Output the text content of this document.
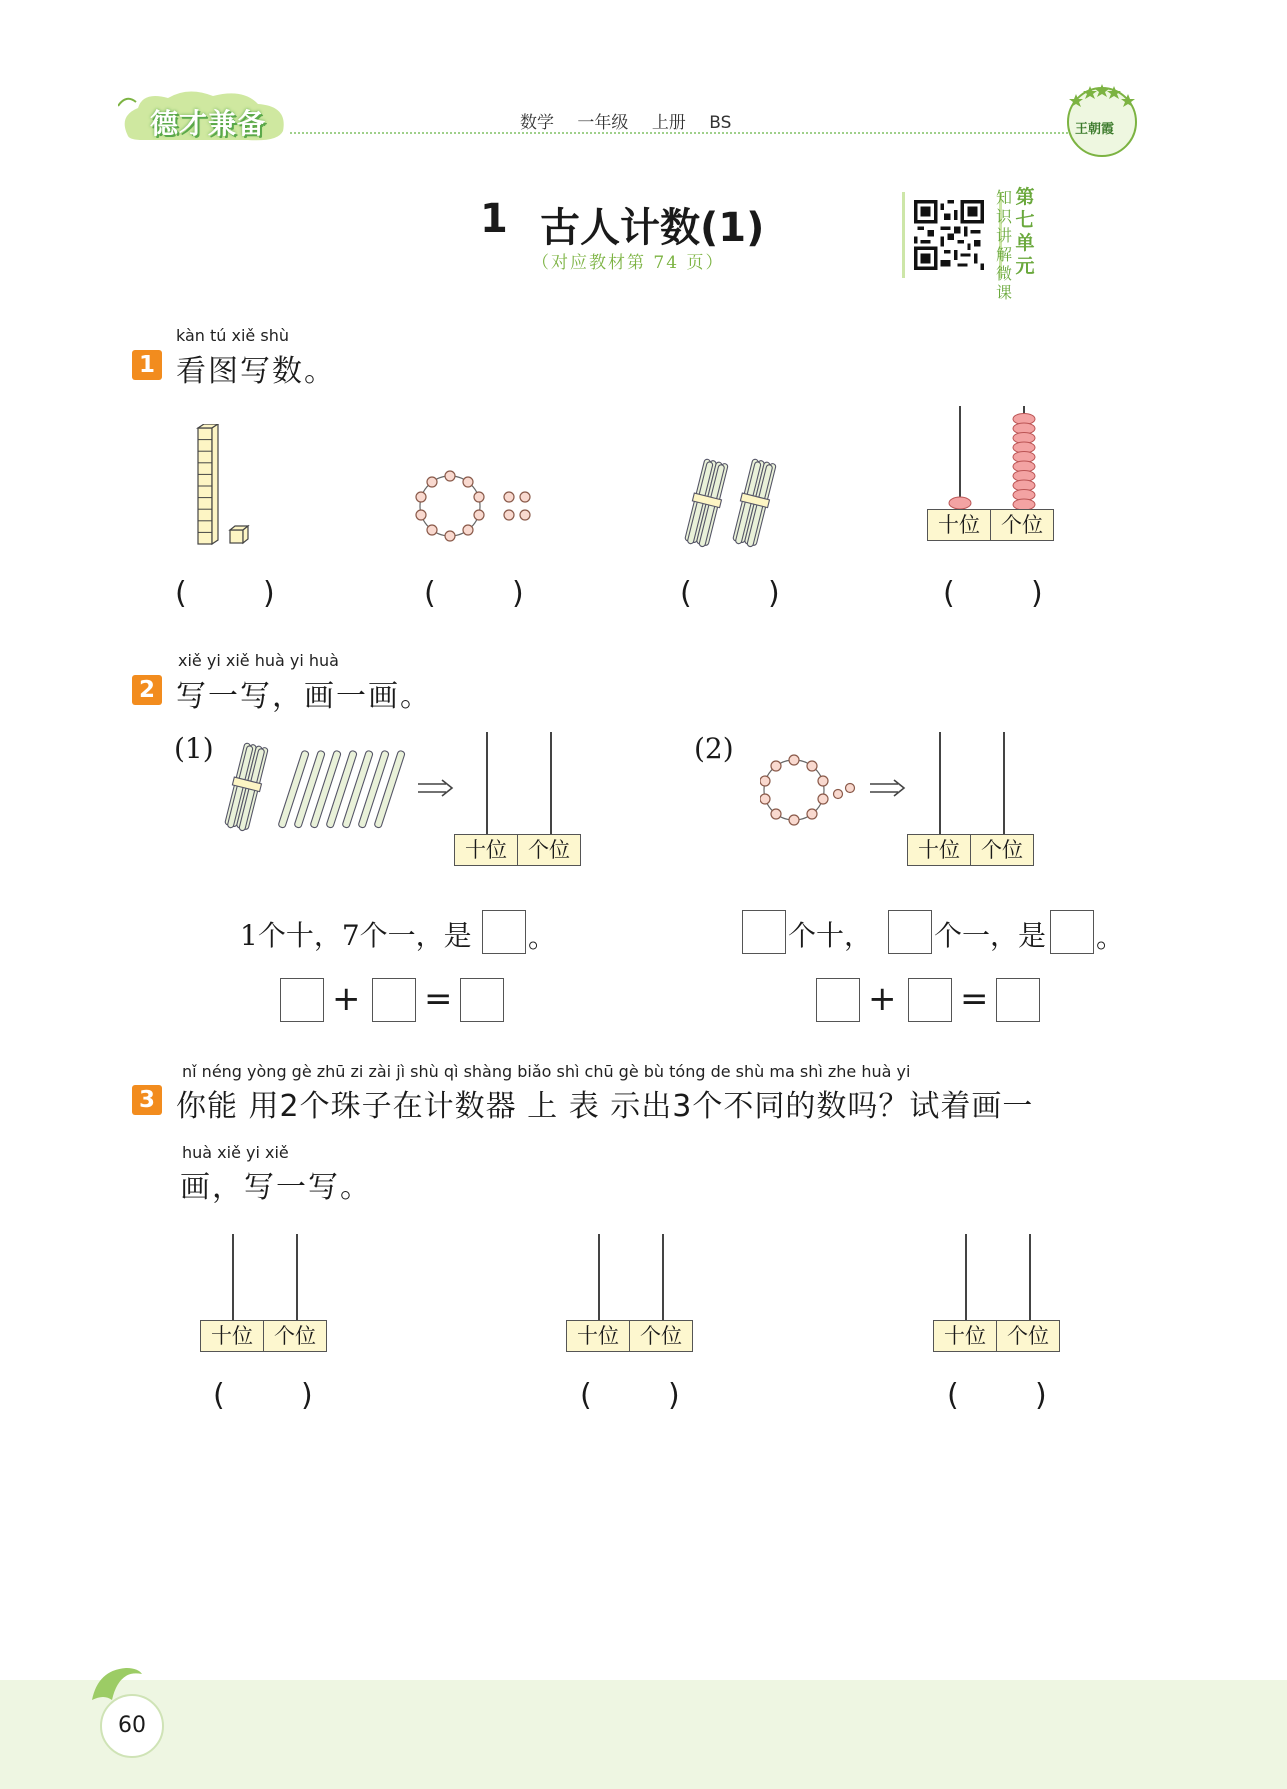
德才兼备	数学 一年级 上册 BS	王朝霞
1 古人计数(1)
（对应教材第 74 页）
知
识
讲
解
微
课
第
七
单
元
kàn tú xiě shù
1 看图写数。
十位	个位
(        )	(        )	(        )	(        )
xiě yi xiě huà yi huà
2 写一写，画一画。
(1)
十位	个位
(2)
十位	个位
1个十，7个一，是 。	个十， 个一，是 。
+ =	+ =
nǐ néng yòng gè zhū zi zài jì shù qì shàng biǎo shì chū gè bù tóng de shù ma shì zhe huà yi
3 你能 用2个珠子在计数器 上 表 示出3个不同的数吗？试着画一
huà xiě yi xiě
画，写一写。
十位	个位	十位	个位	十位	个位
(        )	(        )	(        )
60
